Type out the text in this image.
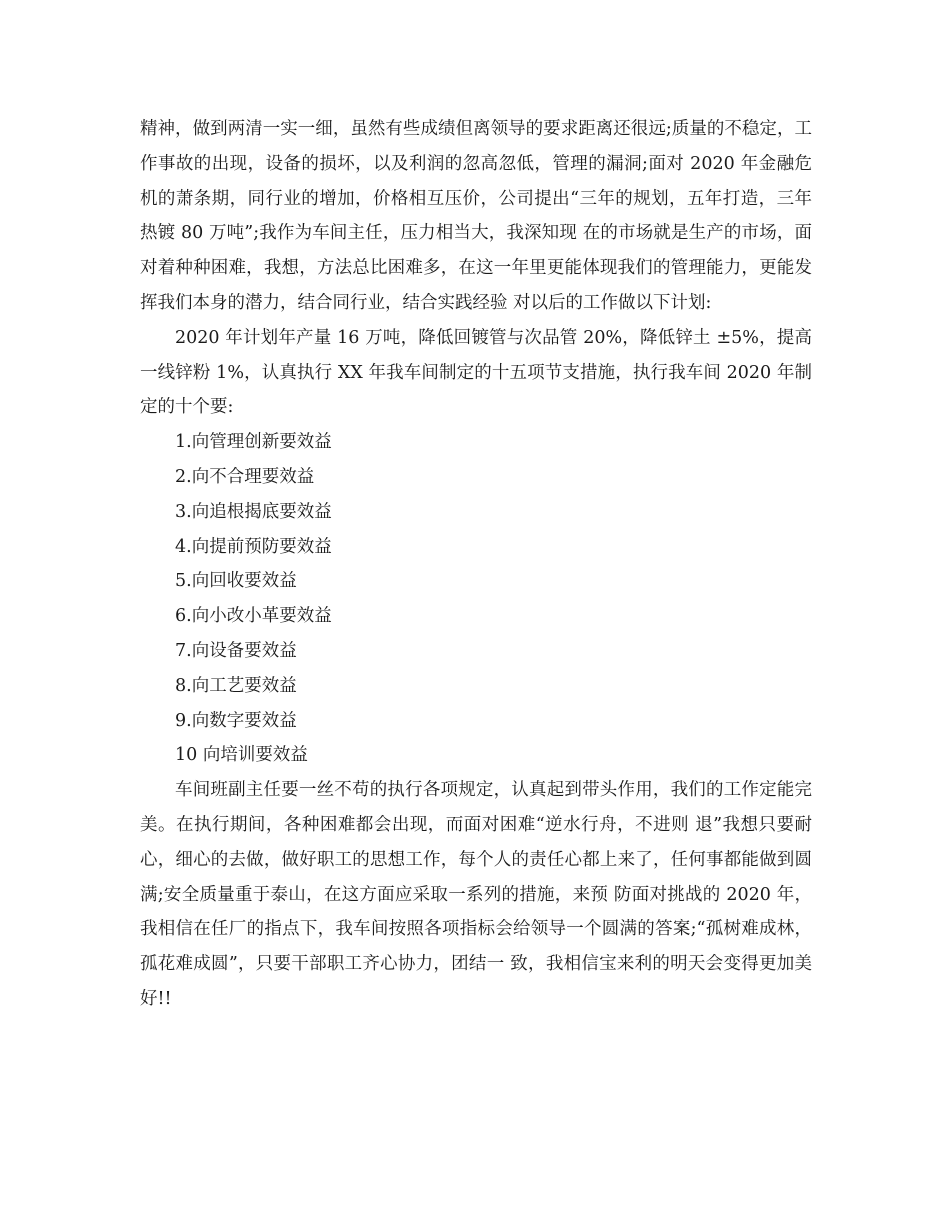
精神，做到两清一实一细，虽然有些成绩但离领导的要求距离还很远;质量的不稳定，工作事故的出现，设备的损坏，以及利润的忽高忽低，管理的漏洞;面对 2020 年金融危机的萧条期，同行业的增加，价格相互压价，公司提出“三年的规划，五年打造，三年热镀 80 万吨”;我作为车间主任，压力相当大，我深知现 在的市场就是生产的市场，面对着种种困难，我想，方法总比困难多，在这一年里更能体现我们的管理能力，更能发挥我们本身的潜力，结合同行业，结合实践经验 对以后的工作做以下计划:

2020 年计划年产量 16 万吨，降低回镀管与次品管 20%，降低锌土 ±5%，提高一线锌粉 1%，认真执行 XX 年我车间制定的十五项节支措施，执行我车间 2020 年制定的十个要:

1.向管理创新要效益
2.向不合理要效益
3.向追根揭底要效益
4.向提前预防要效益
5.向回收要效益
6.向小改小革要效益
7.向设备要效益
8.向工艺要效益
9.向数字要效益
10 向培训要效益

车间班副主任要一丝不苟的执行各项规定，认真起到带头作用，我们的工作定能完美。在执行期间，各种困难都会出现，而面对困难“逆水行舟，不进则 退”我想只要耐心，细心的去做，做好职工的思想工作，每个人的责任心都上来了，任何事都能做到圆满;安全质量重于泰山，在这方面应采取一系列的措施，来预 防面对挑战的 2020 年，我相信在任厂的指点下，我车间按照各项指标会给领导一个圆满的答案;“孤树难成林，孤花难成圆”，只要干部职工齐心协力，团结一 致，我相信宝来利的明天会变得更加美好!!
